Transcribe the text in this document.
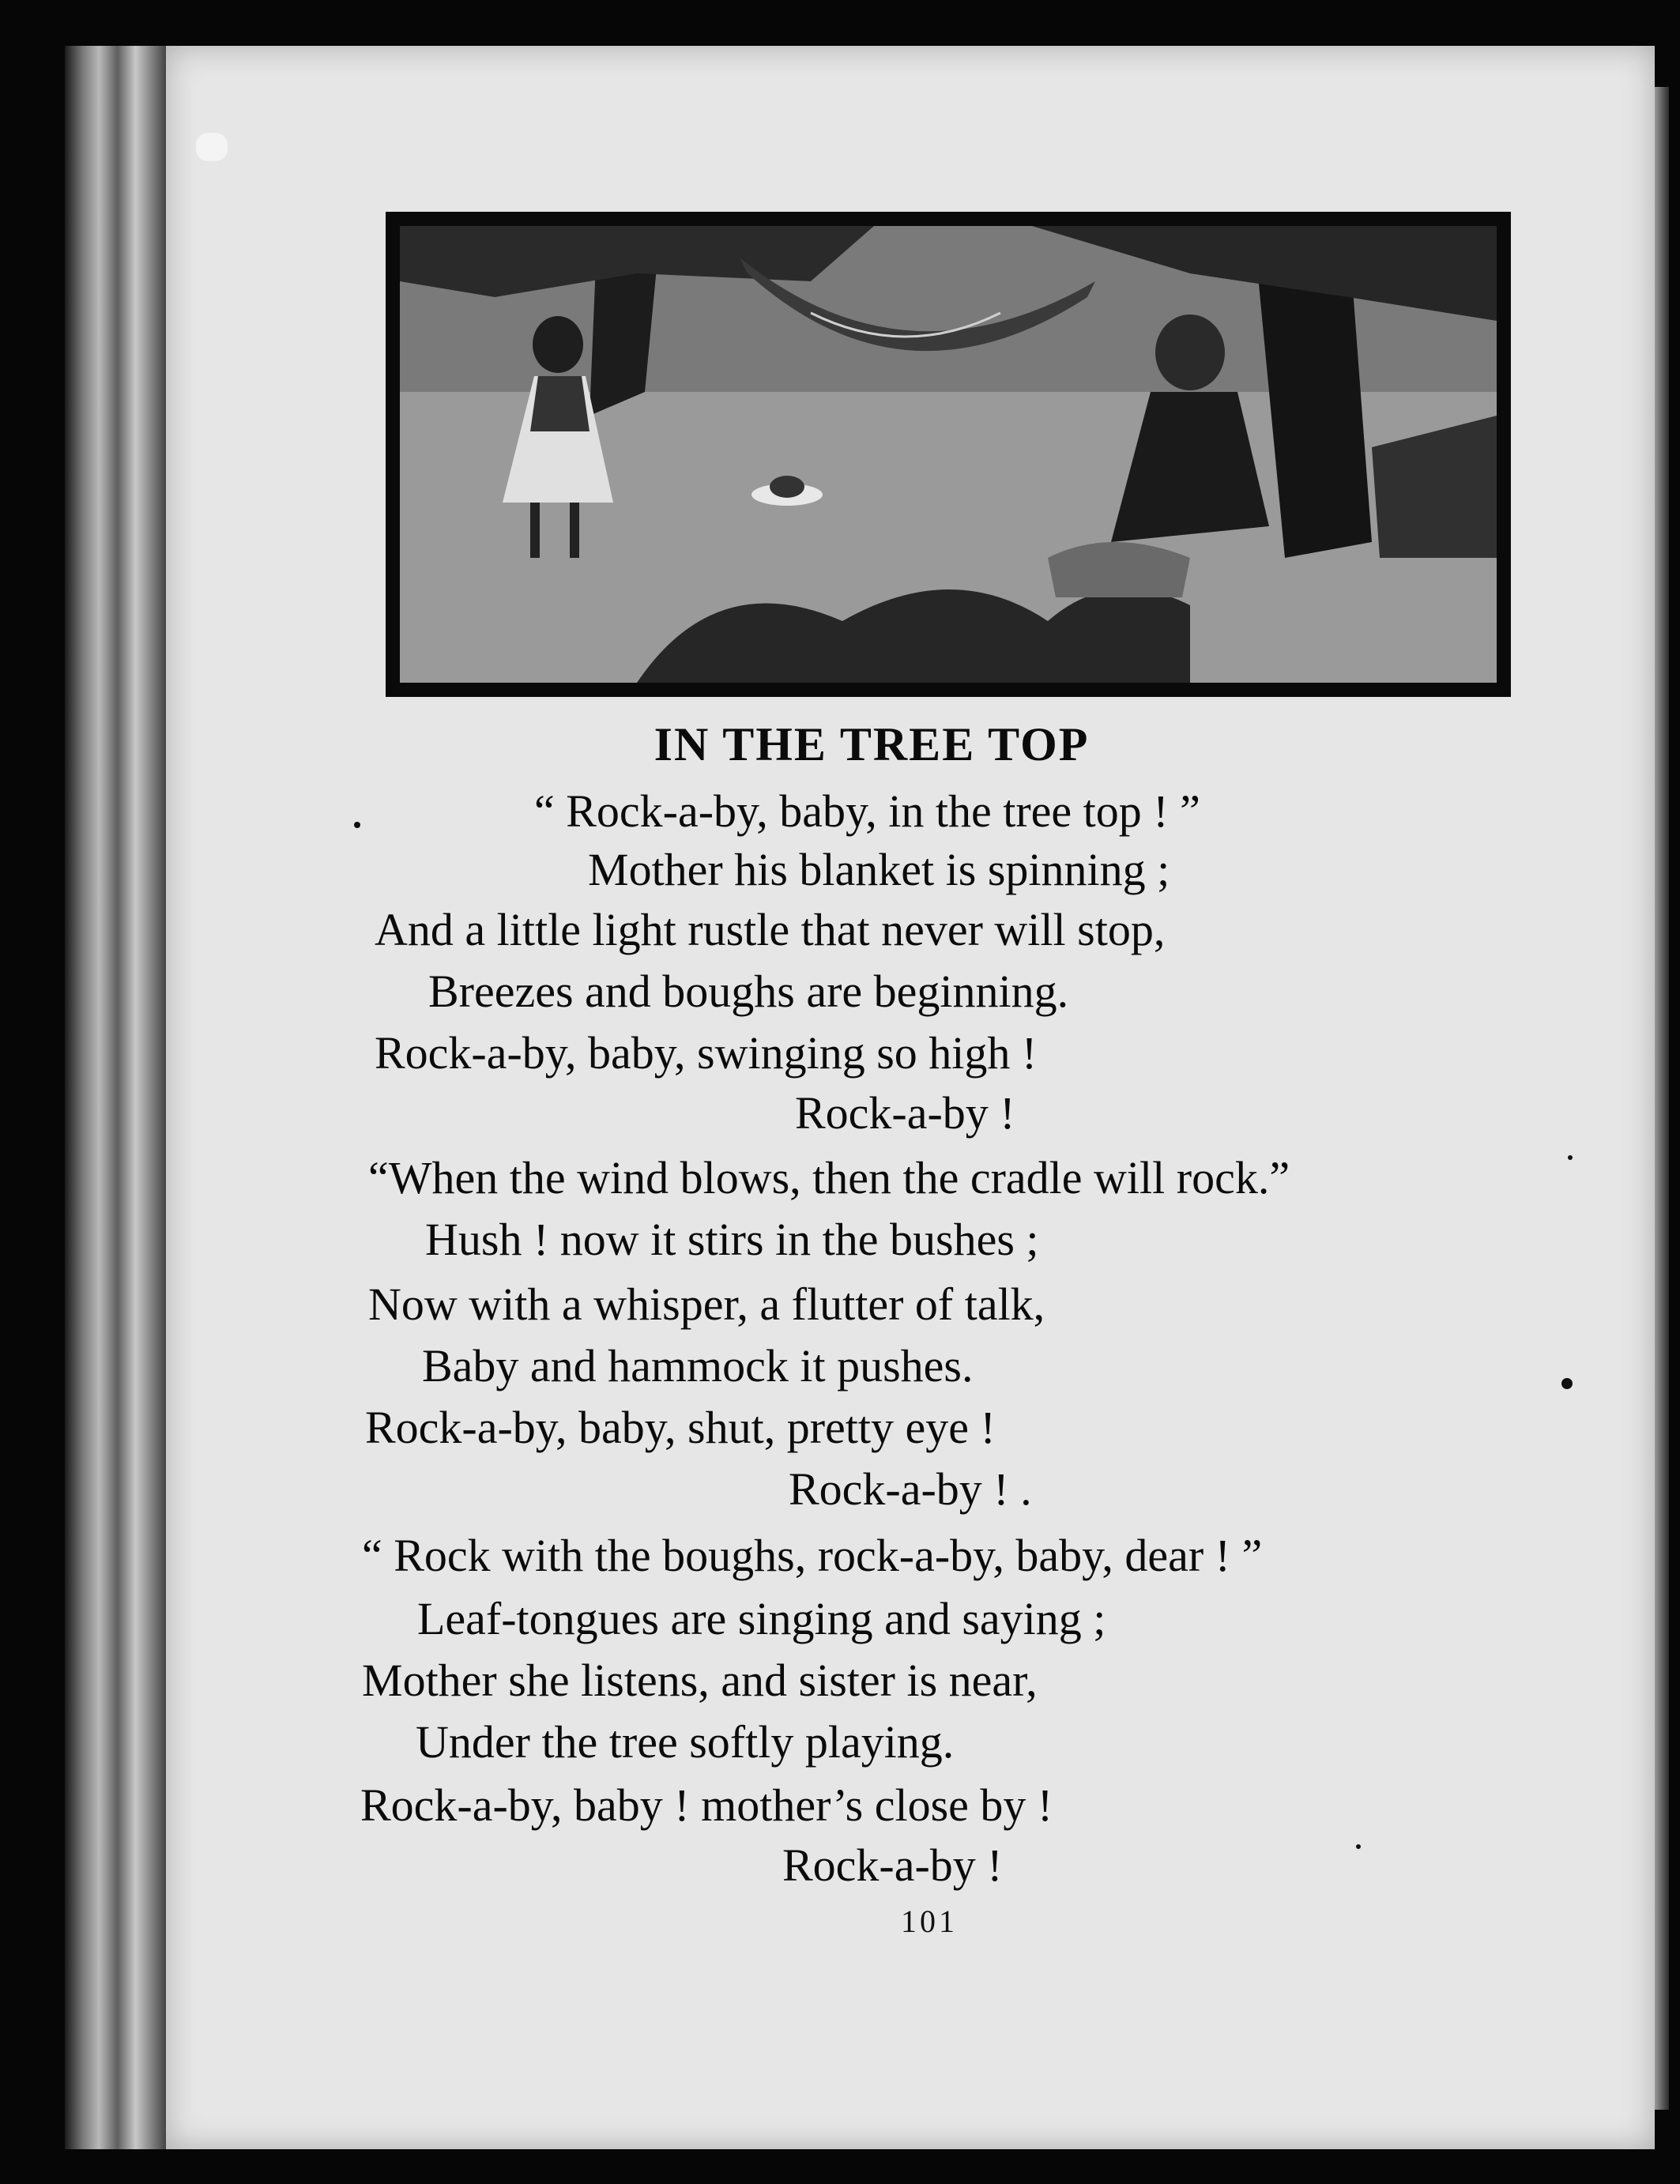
IN THE TREE TOP
“ Rock-a-by, baby, in the tree top ! ”
Mother his blanket is spinning ;
And a little light rustle that never will stop,
Breezes and boughs are beginning.
Rock-a-by, baby, swinging so high !
Rock-a-by !
“When the wind blows, then the cradle will rock.”
Hush ! now it stirs in the bushes ;
Now with a whisper, a flutter of talk,
Baby and hammock it pushes.
Rock-a-by, baby, shut, pretty eye !
Rock-a-by ! .
“ Rock with the boughs, rock-a-by, baby, dear ! ”
Leaf-tongues are singing and saying ;
Mother she listens, and sister is near,
Under the tree softly playing.
Rock-a-by, baby ! mother’s close by !
Rock-a-by !
101
